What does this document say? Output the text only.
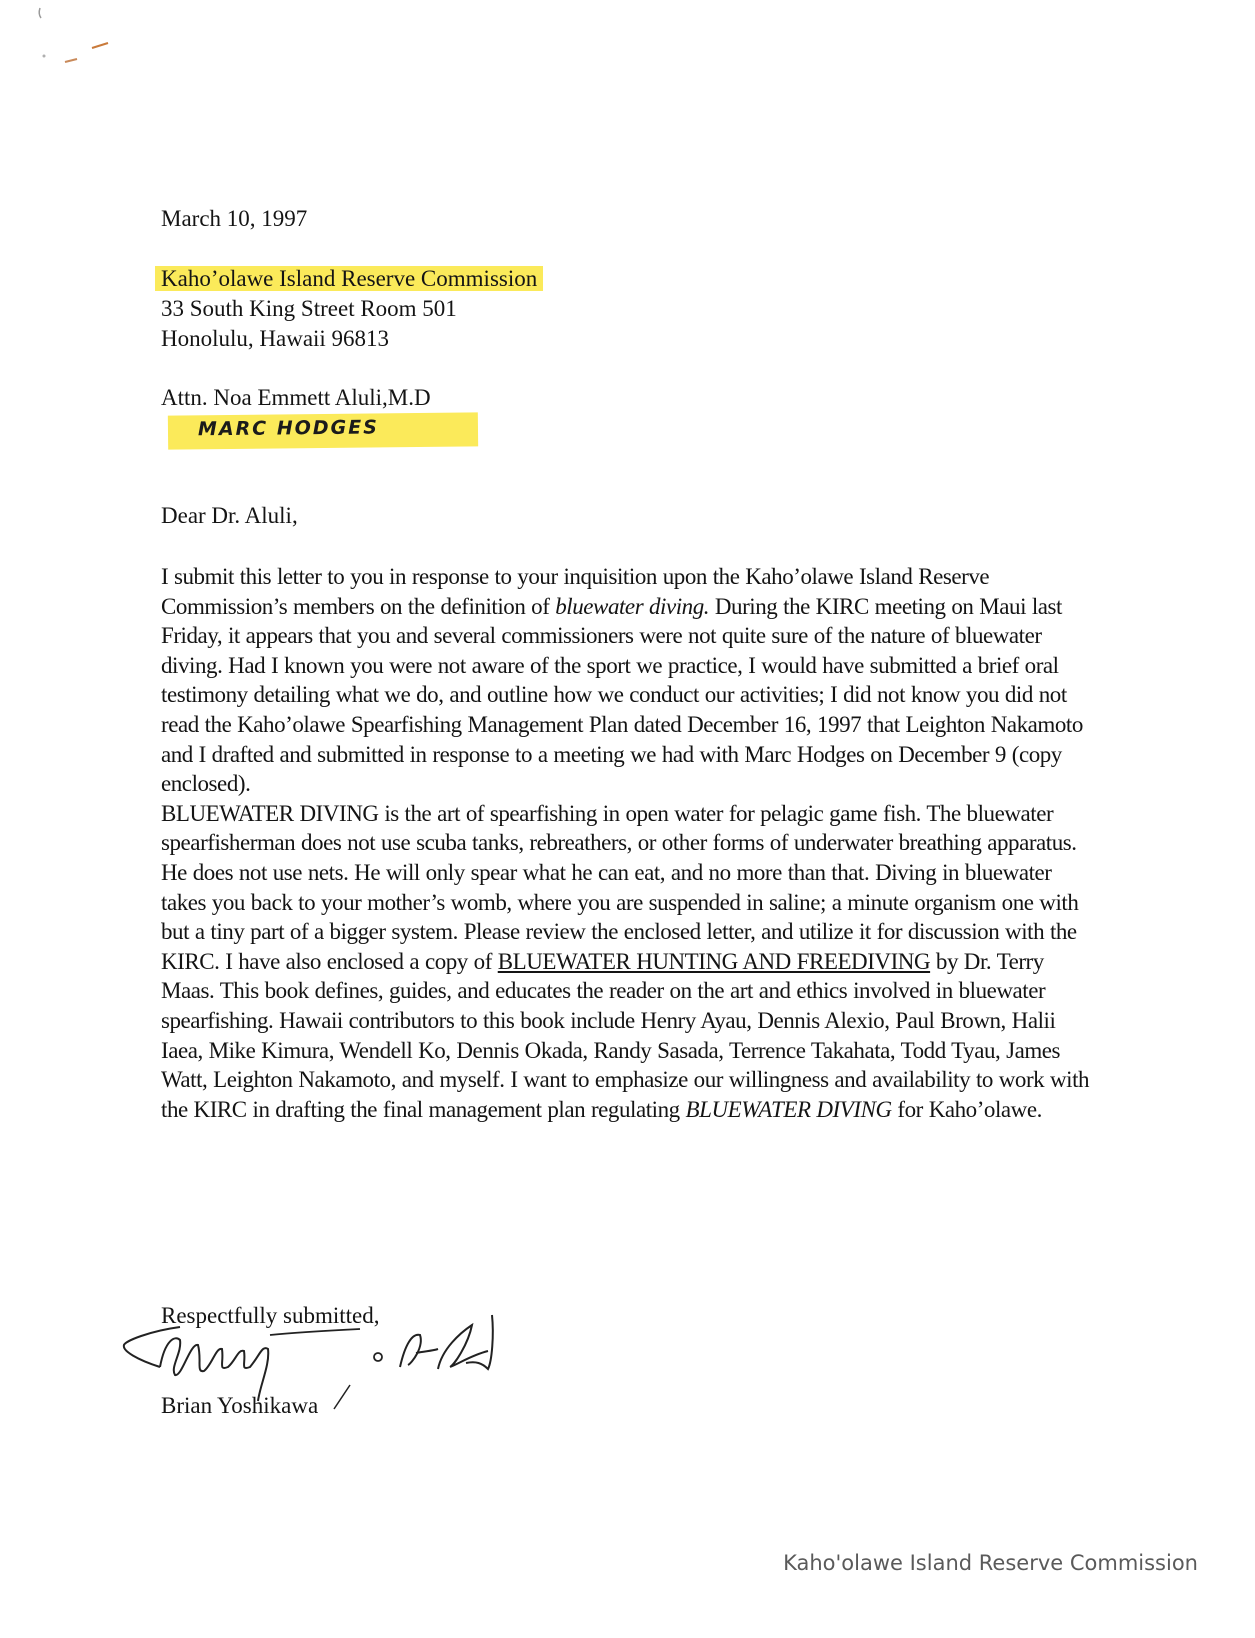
March 10, 1997
Kaho’olawe Island Reserve Commission
33 South King Street Room 501
Honolulu, Hawaii 96813
Attn. Noa Emmett Aluli,M.D
MARC HODGES
Dear Dr. Aluli,

I submit this letter to you in response to your inquisition upon the Kaho’olawe Island Reserve Commission’s members on the definition of bluewater diving. During the KIRC meeting on Maui last Friday, it appears that you and several commissioners were not quite sure of the nature of bluewater diving. Had I known you were not aware of the sport we practice, I would have submitted a brief oral testimony detailing what we do, and outline how we conduct our activities; I did not know you did not read the Kaho’olawe Spearfishing Management Plan dated December 16, 1997 that Leighton Nakamoto and I drafted and submitted in response to a meeting we had with Marc Hodges on December 9 (copy enclosed).

BLUEWATER DIVING is the art of spearfishing in open water for pelagic game fish. The bluewater spearfisherman does not use scuba tanks, rebreathers, or other forms of underwater breathing apparatus. He does not use nets. He will only spear what he can eat, and no more than that. Diving in bluewater takes you back to your mother’s womb, where you are suspended in saline; a minute organism one with but a tiny part of a bigger system. Please review the enclosed letter, and utilize it for discussion with the KIRC. I have also enclosed a copy of BLUEWATER HUNTING AND FREEDIVING by Dr. Terry Maas. This book defines, guides, and educates the reader on the art and ethics involved in bluewater spearfishing. Hawaii contributors to this book include Henry Ayau, Dennis Alexio, Paul Brown, Halii Iaea, Mike Kimura, Wendell Ko, Dennis Okada, Randy Sasada, Terrence Takahata, Todd Tyau, James Watt, Leighton Nakamoto, and myself. I want to emphasize our willingness and availability to work with the KIRC in drafting the final management plan regulating BLUEWATER DIVING for Kaho’olawe.

Respectfully submitted,
Brian Yoshikawa
Kaho'olawe Island Reserve Commission
